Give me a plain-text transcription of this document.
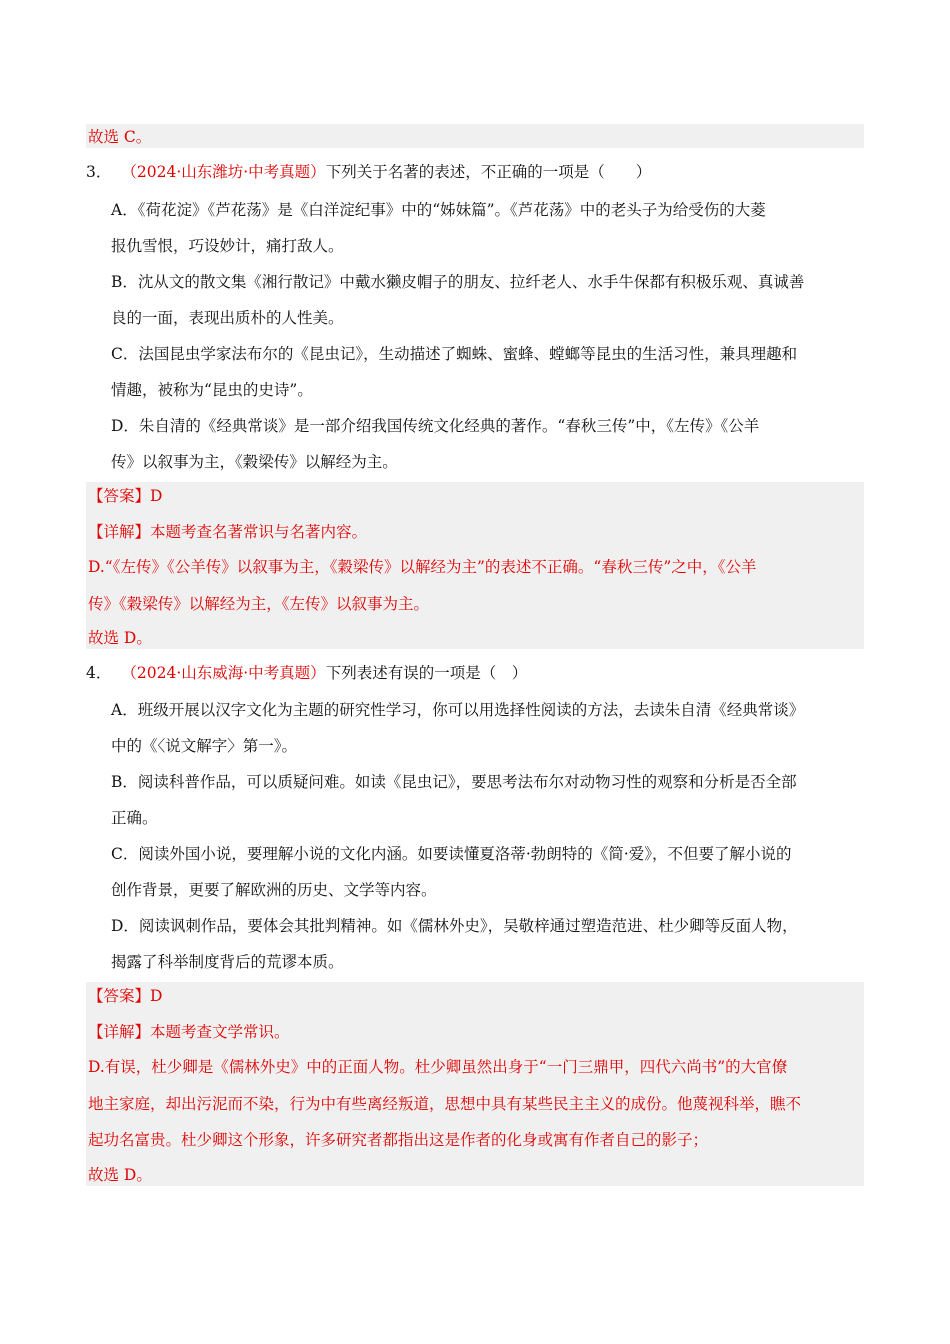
故选 C。
3． （2024·山东潍坊·中考真题）下列关于名著的表述，不正确的一项是（　　）
A．《荷花淀》《芦花荡》是《白洋淀纪事》中的“姊妹篇”。《芦花荡》中的老头子为给受伤的大菱
报仇雪恨，巧设妙计，痛打敌人。
B．沈从文的散文集《湘行散记》中戴水獭皮帽子的朋友、拉纤老人、水手牛保都有积极乐观、真诚善
良的一面，表现出质朴的人性美。
C．法国昆虫学家法布尔的《昆虫记》，生动描述了蜘蛛、蜜蜂、螳螂等昆虫的生活习性，兼具理趣和
情趣，被称为“昆虫的史诗”。
D．朱自清的《经典常谈》是一部介绍我国传统文化经典的著作。“春秋三传”中，《左传》《公羊
传》以叙事为主，《穀梁传》以解经为主。
【答案】D
【详解】本题考查名著常识与名著内容。
D.“《左传》《公羊传》以叙事为主，《穀梁传》以解经为主”的表述不正确。“春秋三传”之中，《公羊
传》《穀梁传》以解经为主，《左传》以叙事为主。
故选 D。
4． （2024·山东威海·中考真题）下列表述有误的一项是（　）
A．班级开展以汉字文化为主题的研究性学习，你可以用选择性阅读的方法，去读朱自清《经典常谈》
中的《〈说文解字〉第一》。
B．阅读科普作品，可以质疑问难。如读《昆虫记》，要思考法布尔对动物习性的观察和分析是否全部
正确。
C．阅读外国小说，要理解小说的文化内涵。如要读懂夏洛蒂·勃朗特的《简·爱》，不但要了解小说的
创作背景，更要了解欧洲的历史、文学等内容。
D．阅读讽刺作品，要体会其批判精神。如《儒林外史》，吴敬梓通过塑造范进、杜少卿等反面人物，
揭露了科举制度背后的荒谬本质。
【答案】D
【详解】本题考查文学常识。
D.有误，杜少卿是《儒林外史》中的正面人物。杜少卿虽然出身于“一门三鼎甲，四代六尚书”的大官僚
地主家庭，却出污泥而不染，行为中有些离经叛道，思想中具有某些民主主义的成份。他蔑视科举，瞧不
起功名富贵。杜少卿这个形象，许多研究者都指出这是作者的化身或寓有作者自己的影子；
故选 D。
